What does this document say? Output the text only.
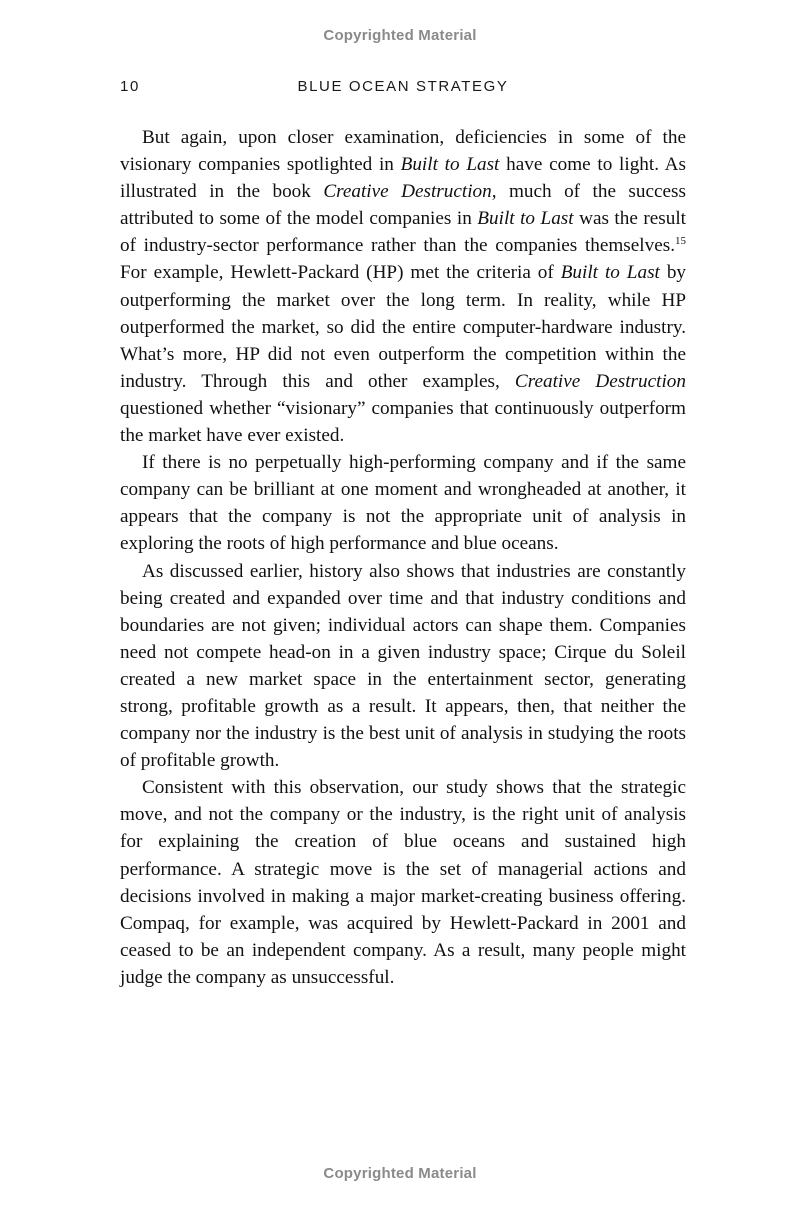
Copyrighted Material
10	BLUE OCEAN STRATEGY

But again, upon closer examination, deficiencies in some of the visionary companies spotlighted in Built to Last have come to light. As illustrated in the book Creative Destruction, much of the success attributed to some of the model companies in Built to Last was the result of industry-sector performance rather than the companies themselves.$^{15}$ For example, Hewlett-Packard (HP) met the criteria of Built to Last by outperforming the market over the long term. In reality, while HP outperformed the market, so did the entire computer-hardware industry. What’s more, HP did not even outperform the competition within the industry. Through this and other examples, Creative Destruction questioned whether “visionary” companies that continuously outperform the market have ever existed.

If there is no perpetually high-performing company and if the same company can be brilliant at one moment and wrongheaded at another, it appears that the company is not the appropriate unit of analysis in exploring the roots of high performance and blue oceans.

As discussed earlier, history also shows that industries are constantly being created and expanded over time and that industry conditions and boundaries are not given; individual actors can shape them. Companies need not compete head-on in a given industry space; Cirque du Soleil created a new market space in the entertainment sector, generating strong, profitable growth as a result. It appears, then, that neither the company nor the industry is the best unit of analysis in studying the roots of profitable growth.

Consistent with this observation, our study shows that the strategic move, and not the company or the industry, is the right unit of analysis for explaining the creation of blue oceans and sustained high performance. A strategic move is the set of managerial actions and decisions involved in making a major market-creating business offering. Compaq, for example, was acquired by Hewlett-Packard in 2001 and ceased to be an independent company. As a result, many people might judge the company as unsuccessful.

Copyrighted Material
